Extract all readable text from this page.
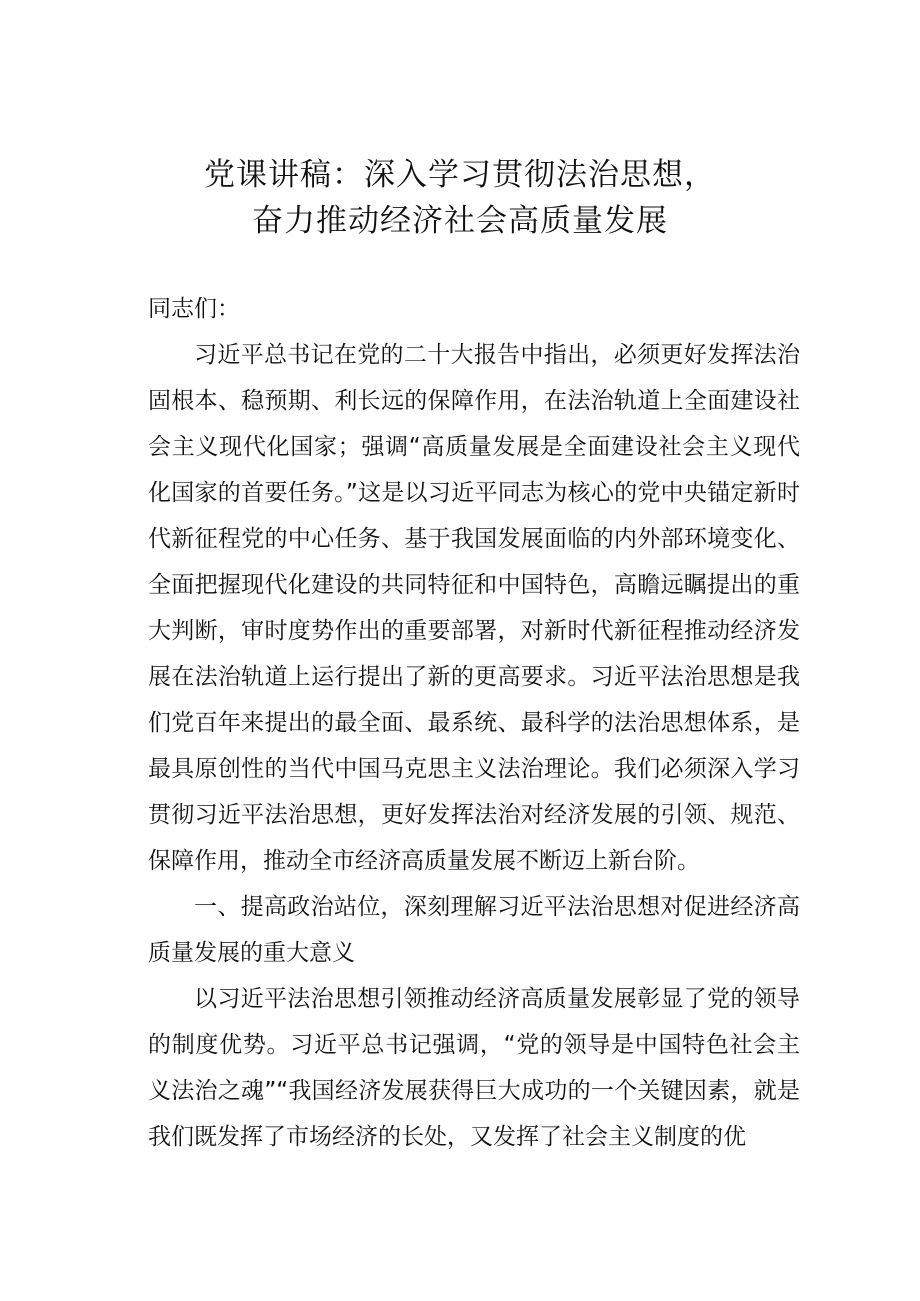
党课讲稿：深入学习贯彻法治思想，
奋力推动经济社会高质量发展

同志们：

习近平总书记在党的二十大报告中指出，必须更好发挥法治固根本、稳预期、利长远的保障作用，在法治轨道上全面建设社会主义现代化国家；强调“高质量发展是全面建设社会主义现代化国家的首要任务。”这是以习近平同志为核心的党中央锚定新时代新征程党的中心任务、基于我国发展面临的内外部环境变化、全面把握现代化建设的共同特征和中国特色，高瞻远瞩提出的重大判断，审时度势作出的重要部署，对新时代新征程推动经济发展在法治轨道上运行提出了新的更高要求。习近平法治思想是我们党百年来提出的最全面、最系统、最科学的法治思想体系，是最具原创性的当代中国马克思主义法治理论。我们必须深入学习贯彻习近平法治思想，更好发挥法治对经济发展的引领、规范、保障作用，推动全市经济高质量发展不断迈上新台阶。

一、提高政治站位，深刻理解习近平法治思想对促进经济高质量发展的重大意义

以习近平法治思想引领推动经济高质量发展彰显了党的领导的制度优势。习近平总书记强调，“党的领导是中国特色社会主义法治之魂”“我国经济发展获得巨大成功的一个关键因素，就是我们既发挥了市场经济的长处，又发挥了社会主义制度的优
